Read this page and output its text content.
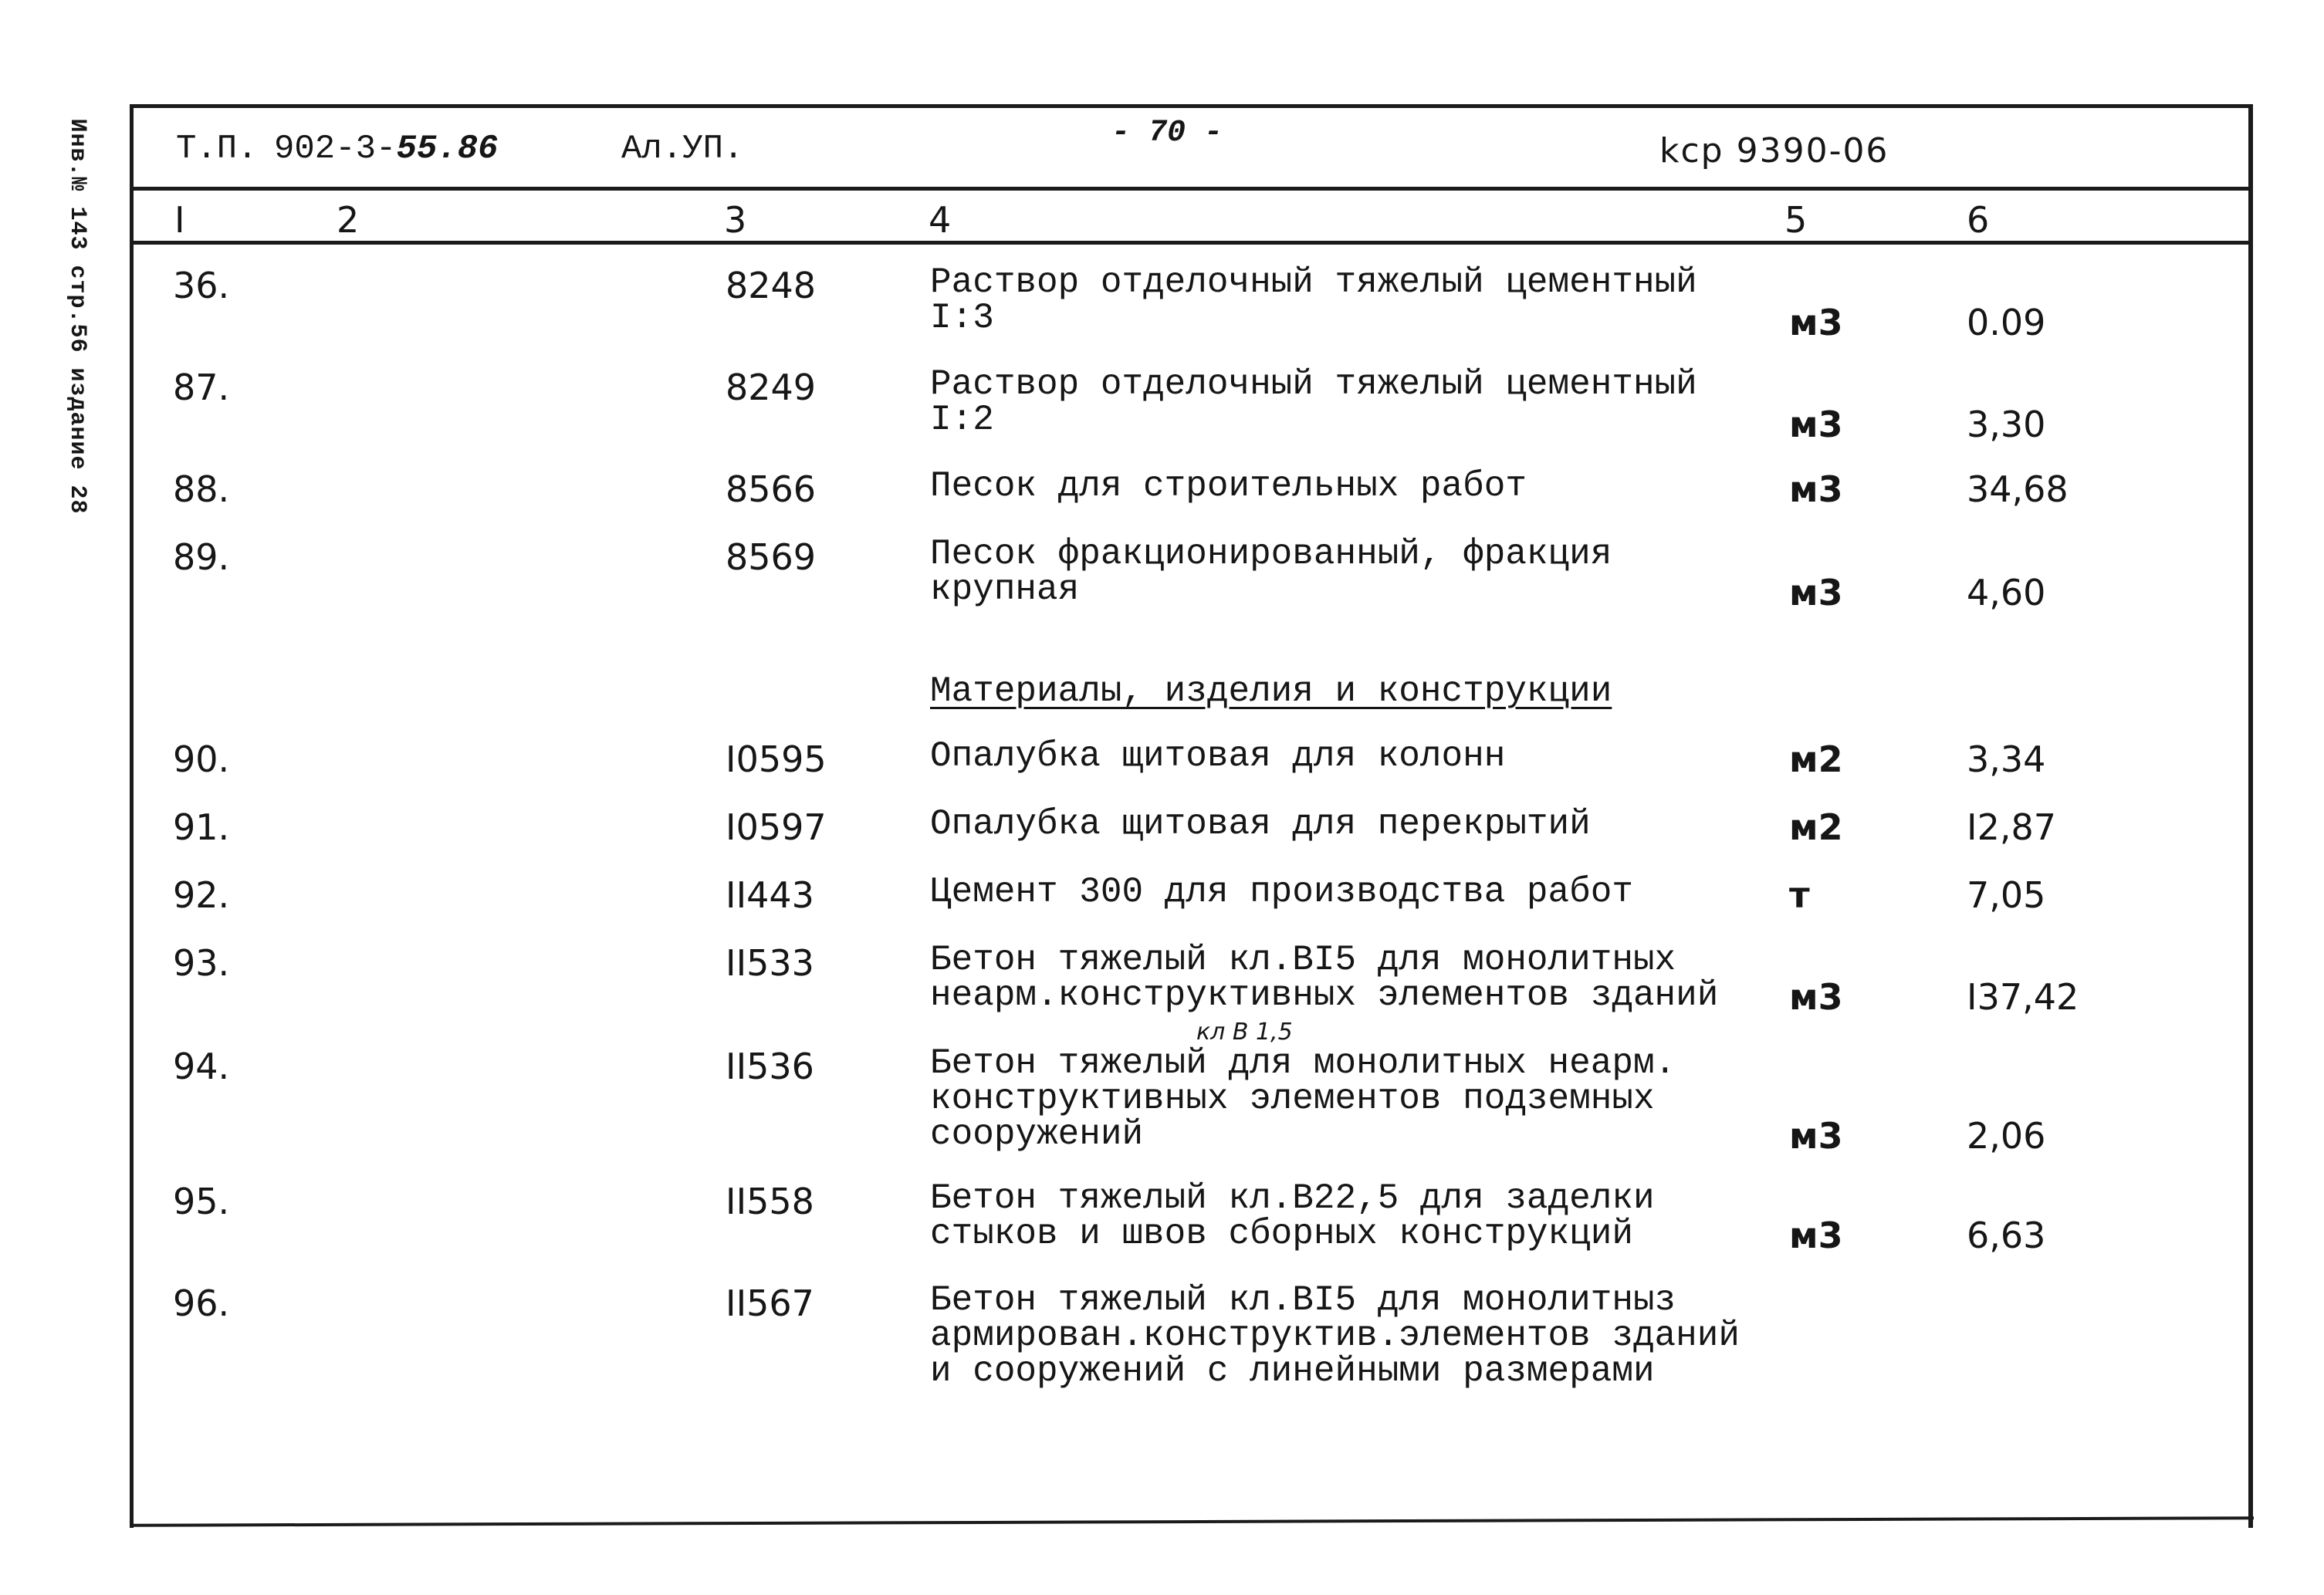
Инв.№ 143 стр.56 издание 28	Т.П. 902-3-55.86	Ал.УП.	- 70 -	kср 9390-06
I	2	3	4	5	6
Материалы, изделия и конструкции
кл В 1,5
36.	8248	Раствор отделочный тяжелый цементный
I:3	м3	0.09
87.	8249	Раствор отделочный тяжелый цементный
I:2	м3	3,30
88.	8566	Песок для строительных работ	м3	34,68
89.	8569	Песок фракционированный, фракция
крупная	м3	4,60
90.	I0595	Опалубка щитовая для колонн	м2	3,34
91.	I0597	Опалубка щитовая для перекрытий	м2	I2,87
92.	II443	Цемент 300 для производства работ	т	7,05
93.	II533	Бетон тяжелый кл.BI5 для монолитных
неарм.конструктивных элементов зданий	м3	I37,42
94.	II536	Бетон тяжелый для монолитных неарм.
конструктивных элементов подземных
сооружений	м3	2,06
95.	II558	Бетон тяжелый кл.B22,5 для заделки
стыков и швов сборных конструкций	м3	6,63
96.	II567	Бетон тяжелый кл.BI5 для монолитныз
армирован.конструктив.элементов зданий
и сооружений с линейными размерами
